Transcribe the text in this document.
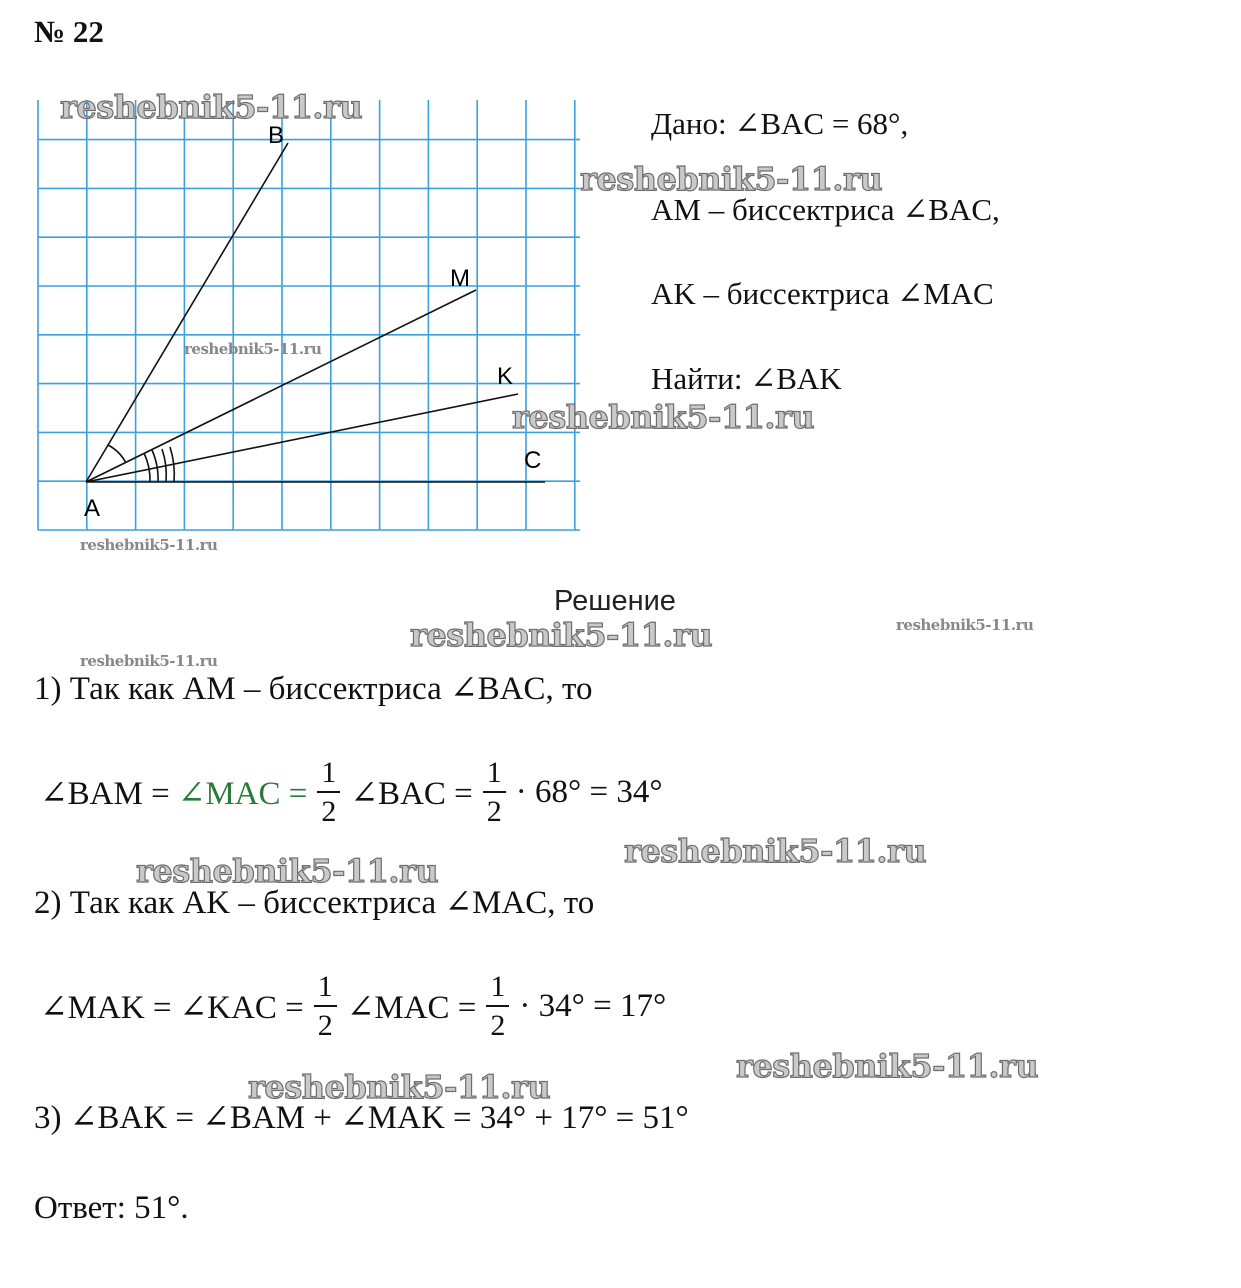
№ 22
B
M
K
C
A
Дано: ∠BAC = 68°,
AM – биссектриса ∠BAC,
AK – биссектриса ∠MAC
Найти: ∠BAK
Решение
1) Так как AM – биссектриса ∠BAC, то
∠BAM = ∠MAC = $\frac{1}{2}$ ∠BAC = $\frac{1}{2} \cdot 68^\circ = 34^\circ$
2) Так как AK – биссектриса ∠MAC, то
∠MAK = ∠KAC = $\frac{1}{2}$ ∠MAC = $\frac{1}{2} \cdot 34^\circ = 17^\circ$
3) ∠BAK = ∠BAM + ∠MAK = 34° + 17° = 51°
Ответ: 51°.
reshebnik5-11.ru
reshebnik5-11.ru
reshebnik5-11.ru
reshebnik5-11.ru
reshebnik5-11.ru
reshebnik5-11.ru
reshebnik5-11.ru
reshebnik5-11.ru
reshebnik5-11.ru
reshebnik5-11.ru
reshebnik5-11.ru
reshebnik5-11.ru
